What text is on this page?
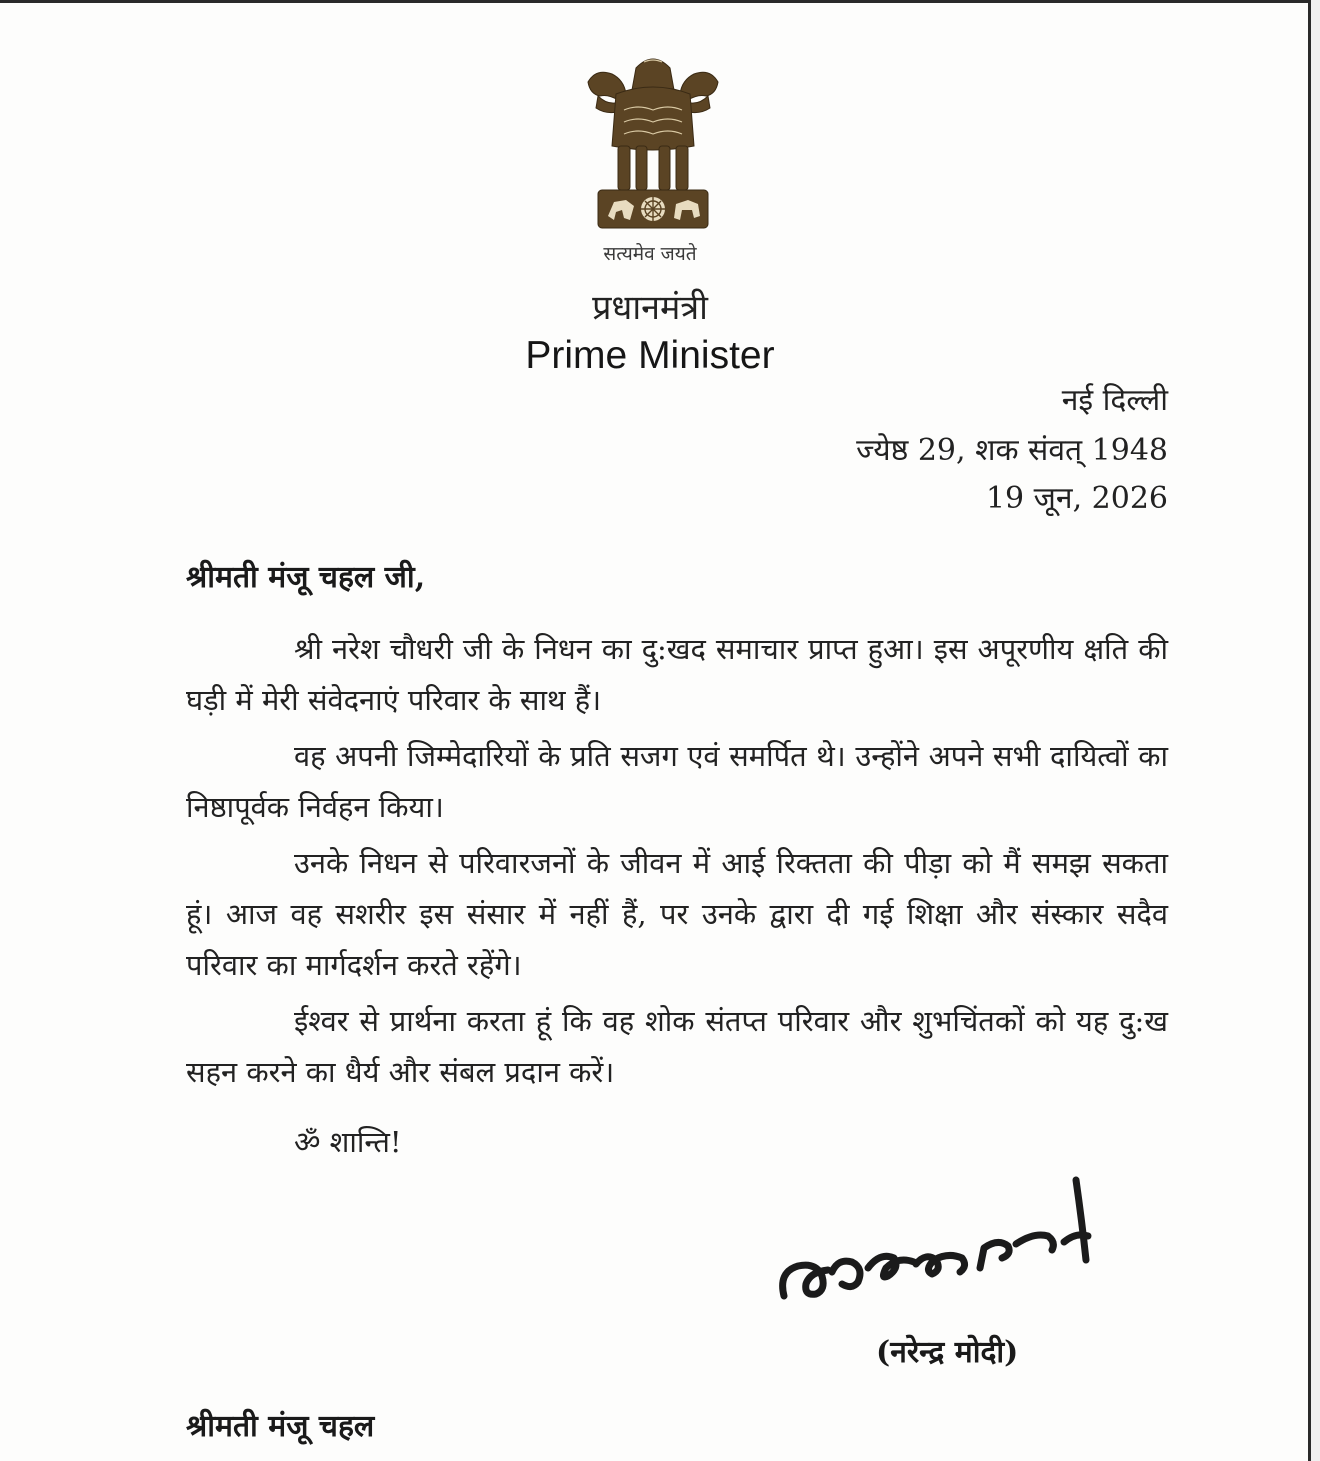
सत्यमेव जयते
प्रधानमंत्री
Prime Minister
नई दिल्ली
ज्येष्ठ 29, शक संवत् 1948
19 जून, 2026
श्रीमती मंजू चहल जी,

श्री नरेश चौधरी जी के निधन का दु:खद समाचार प्राप्त हुआ। इस अपूरणीय क्षति की घड़ी में मेरी संवेदनाएं परिवार के साथ हैं।

वह अपनी जिम्मेदारियों के प्रति सजग एवं समर्पित थे। उन्होंने अपने सभी दायित्वों का निष्ठापूर्वक निर्वहन किया।

उनके निधन से परिवारजनों के जीवन में आई रिक्तता की पीड़ा को मैं समझ सकता हूं। आज वह सशरीर इस संसार में नहीं हैं, पर उनके द्वारा दी गई शिक्षा और संस्कार सदैव परिवार का मार्गदर्शन करते रहेंगे।

ईश्वर से प्रार्थना करता हूं कि वह शोक संतप्त परिवार और शुभचिंतकों को यह दु:ख सहन करने का धैर्य और संबल प्रदान करें।

ॐ शान्ति!
(नरेन्द्र मोदी)
श्रीमती मंजू चहल
